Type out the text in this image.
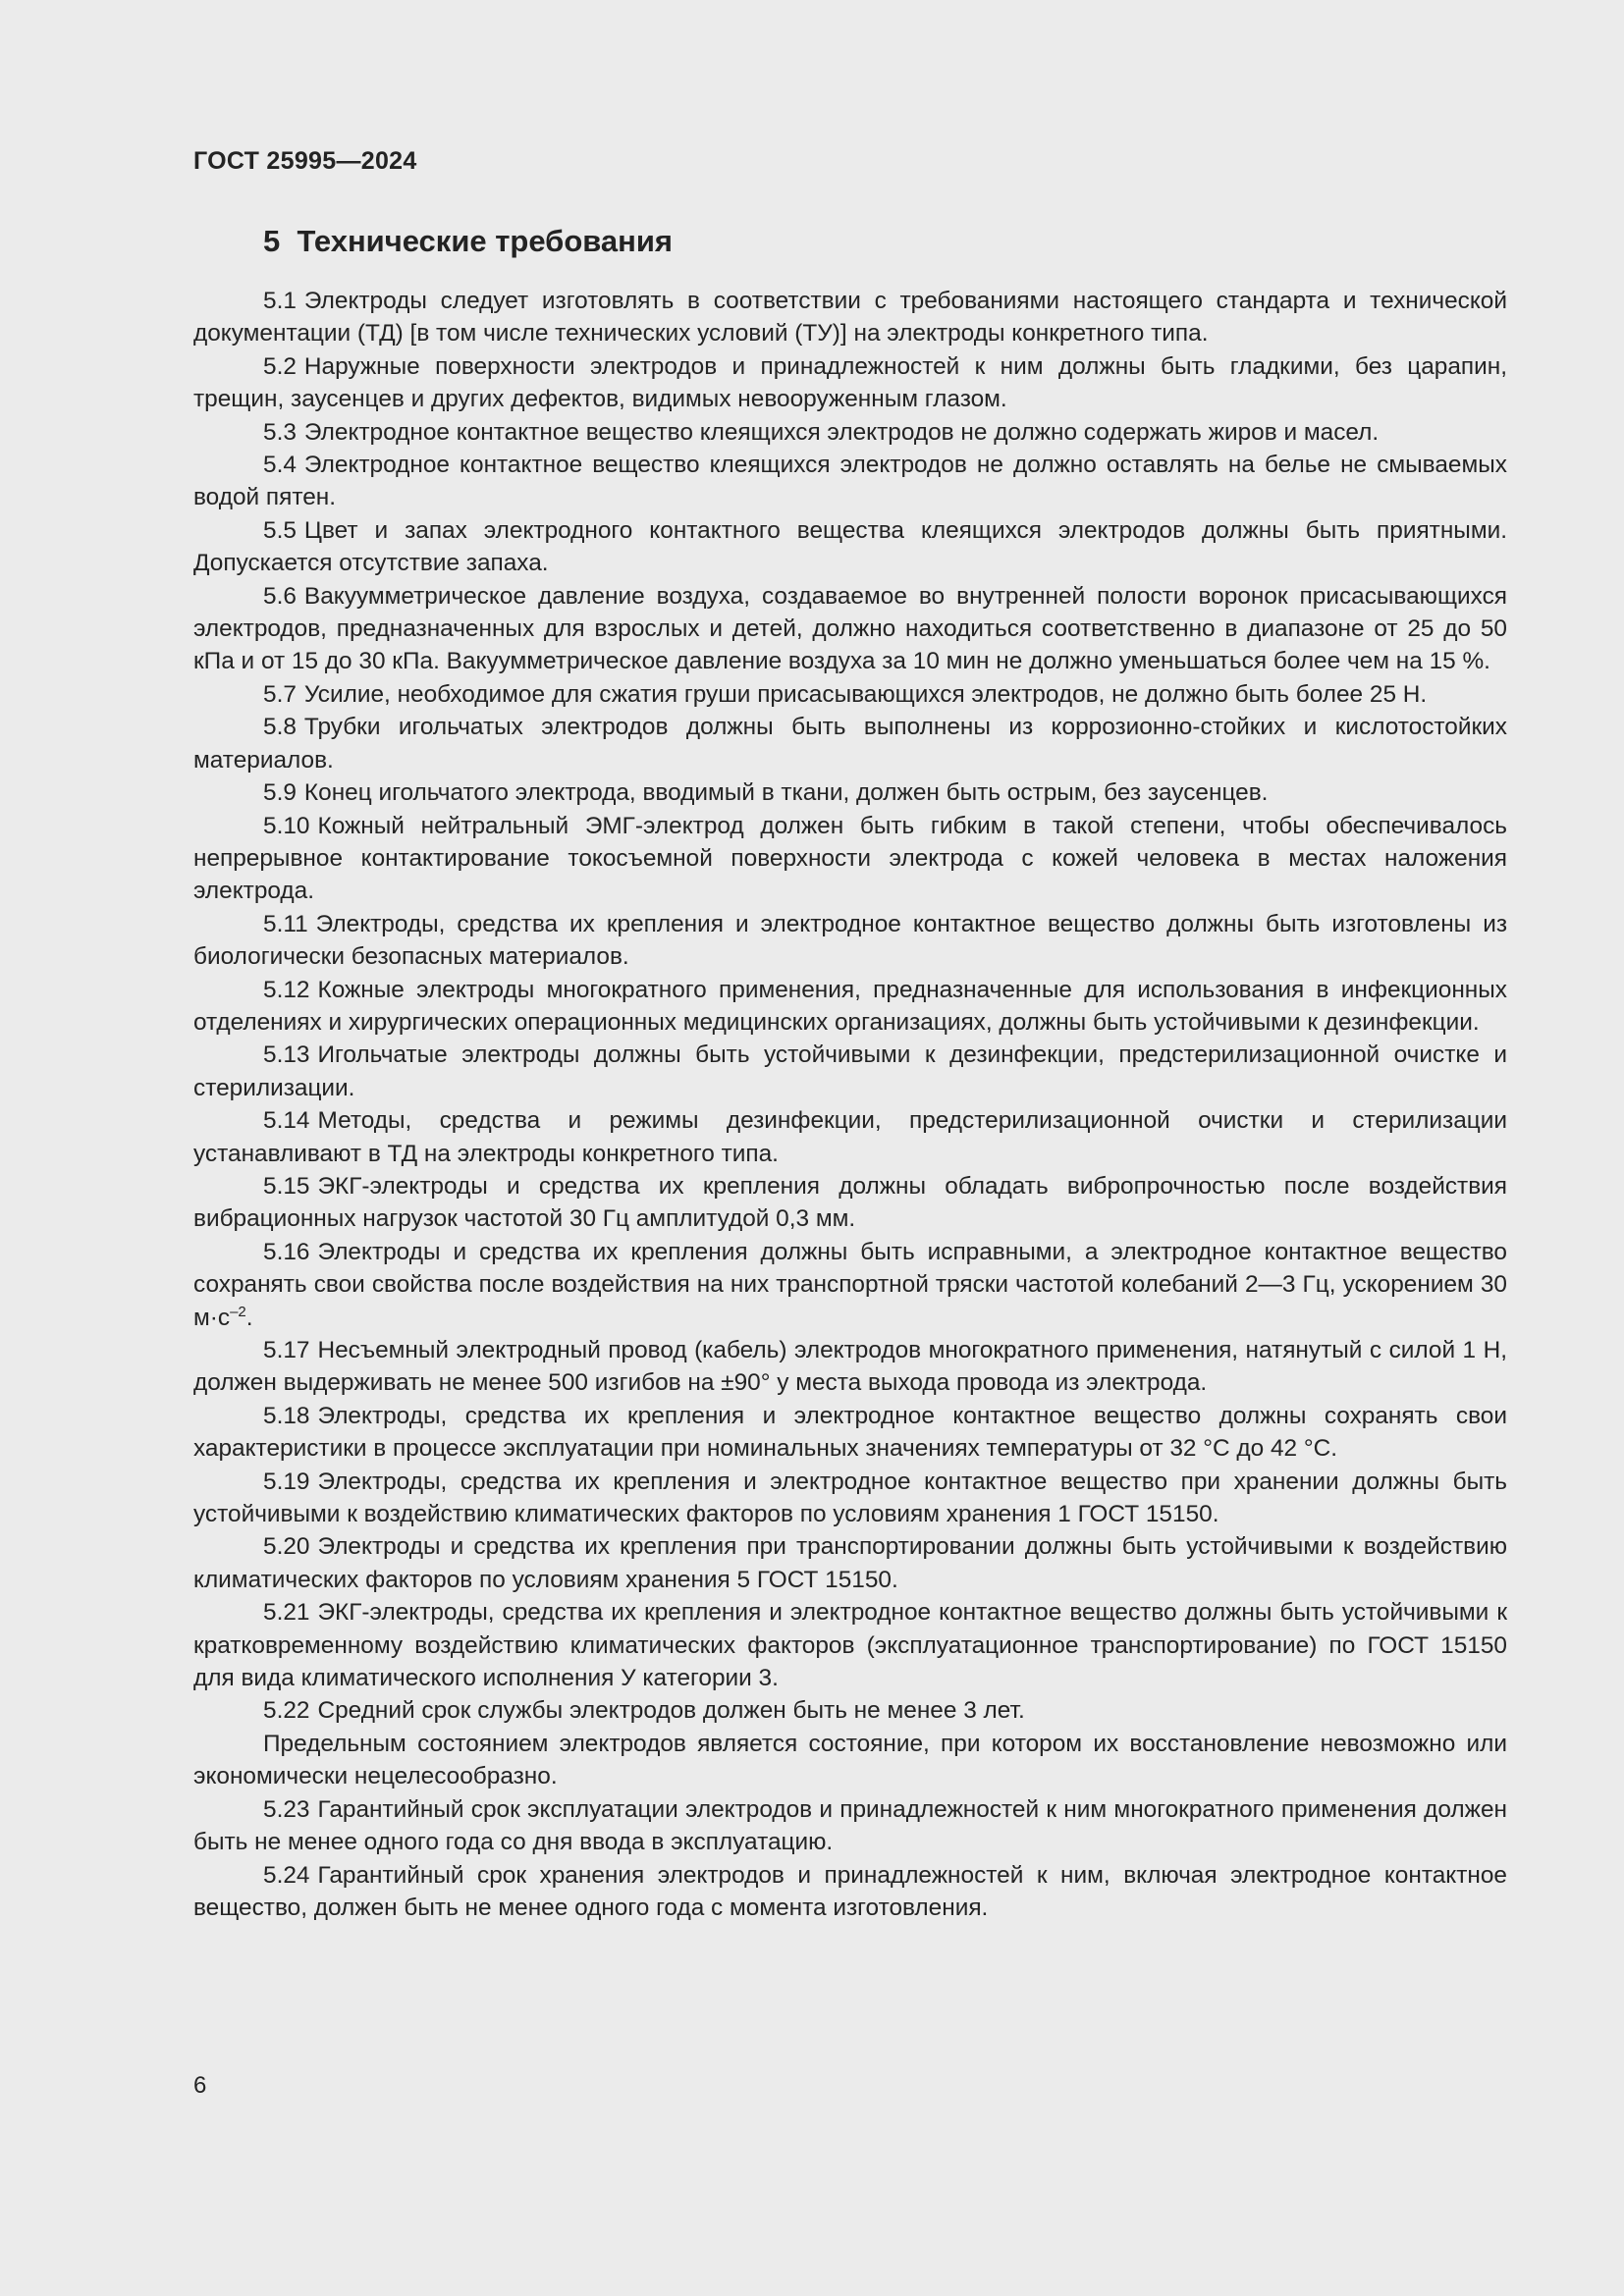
ГОСТ 25995—2024
5 Технические требования

5.1 Электроды следует изготовлять в соответствии с требованиями настоящего стандарта и технической документации (ТД) [в том числе технических условий (ТУ)] на электроды конкретного типа.

5.2 Наружные поверхности электродов и принадлежностей к ним должны быть гладкими, без царапин, трещин, заусенцев и других дефектов, видимых невооруженным глазом.

5.3 Электродное контактное вещество клеящихся электродов не должно содержать жиров и масел.

5.4 Электродное контактное вещество клеящихся электродов не должно оставлять на белье не смываемых водой пятен.

5.5 Цвет и запах электродного контактного вещества клеящихся электродов должны быть приятными. Допускается отсутствие запаха.

5.6 Вакуумметрическое давление воздуха, создаваемое во внутренней полости воронок присасывающихся электродов, предназначенных для взрослых и детей, должно находиться соответственно в диапазоне от 25 до 50 кПа и от 15 до 30 кПа. Вакуумметрическое давление воздуха за 10 мин не должно уменьшаться более чем на 15 %.

5.7 Усилие, необходимое для сжатия груши присасывающихся электродов, не должно быть более 25 Н.

5.8 Трубки игольчатых электродов должны быть выполнены из коррозионно-стойких и кислотостойких материалов.

5.9 Конец игольчатого электрода, вводимый в ткани, должен быть острым, без заусенцев.

5.10 Кожный нейтральный ЭМГ-электрод должен быть гибким в такой степени, чтобы обеспечивалось непрерывное контактирование токосъемной поверхности электрода с кожей человека в местах наложения электрода.

5.11 Электроды, средства их крепления и электродное контактное вещество должны быть изготовлены из биологически безопасных материалов.

5.12 Кожные электроды многократного применения, предназначенные для использования в инфекционных отделениях и хирургических операционных медицинских организациях, должны быть устойчивыми к дезинфекции.

5.13 Игольчатые электроды должны быть устойчивыми к дезинфекции, предстерилизационной очистке и стерилизации.

5.14 Методы, средства и режимы дезинфекции, предстерилизационной очистки и стерилизации устанавливают в ТД на электроды конкретного типа.

5.15 ЭКГ-электроды и средства их крепления должны обладать вибропрочностью после воздействия вибрационных нагрузок частотой 30 Гц амплитудой 0,3 мм.

5.16 Электроды и средства их крепления должны быть исправными, а электродное контактное вещество сохранять свои свойства после воздействия на них транспортной тряски частотой колебаний 2—3 Гц, ускорением 30 $м\cdot с^{-2}$.

5.17 Несъемный электродный провод (кабель) электродов многократного применения, натянутый с силой 1 Н, должен выдерживать не менее 500 изгибов на ±90° у места выхода провода из электрода.

5.18 Электроды, средства их крепления и электродное контактное вещество должны сохранять свои характеристики в процессе эксплуатации при номинальных значениях температуры от 32 °С до 42 °С.

5.19 Электроды, средства их крепления и электродное контактное вещество при хранении должны быть устойчивыми к воздействию климатических факторов по условиям хранения 1 ГОСТ 15150.

5.20 Электроды и средства их крепления при транспортировании должны быть устойчивыми к воздействию климатических факторов по условиям хранения 5 ГОСТ 15150.

5.21 ЭКГ-электроды, средства их крепления и электродное контактное вещество должны быть устойчивыми к кратковременному воздействию климатических факторов (эксплуатационное транспортирование) по ГОСТ 15150 для вида климатического исполнения У категории 3.

5.22 Средний срок службы электродов должен быть не менее 3 лет.

Предельным состоянием электродов является состояние, при котором их восстановление невозможно или экономически нецелесообразно.

5.23 Гарантийный срок эксплуатации электродов и принадлежностей к ним многократного применения должен быть не менее одного года со дня ввода в эксплуатацию.

5.24 Гарантийный срок хранения электродов и принадлежностей к ним, включая электродное контактное вещество, должен быть не менее одного года с момента изготовления.

6
